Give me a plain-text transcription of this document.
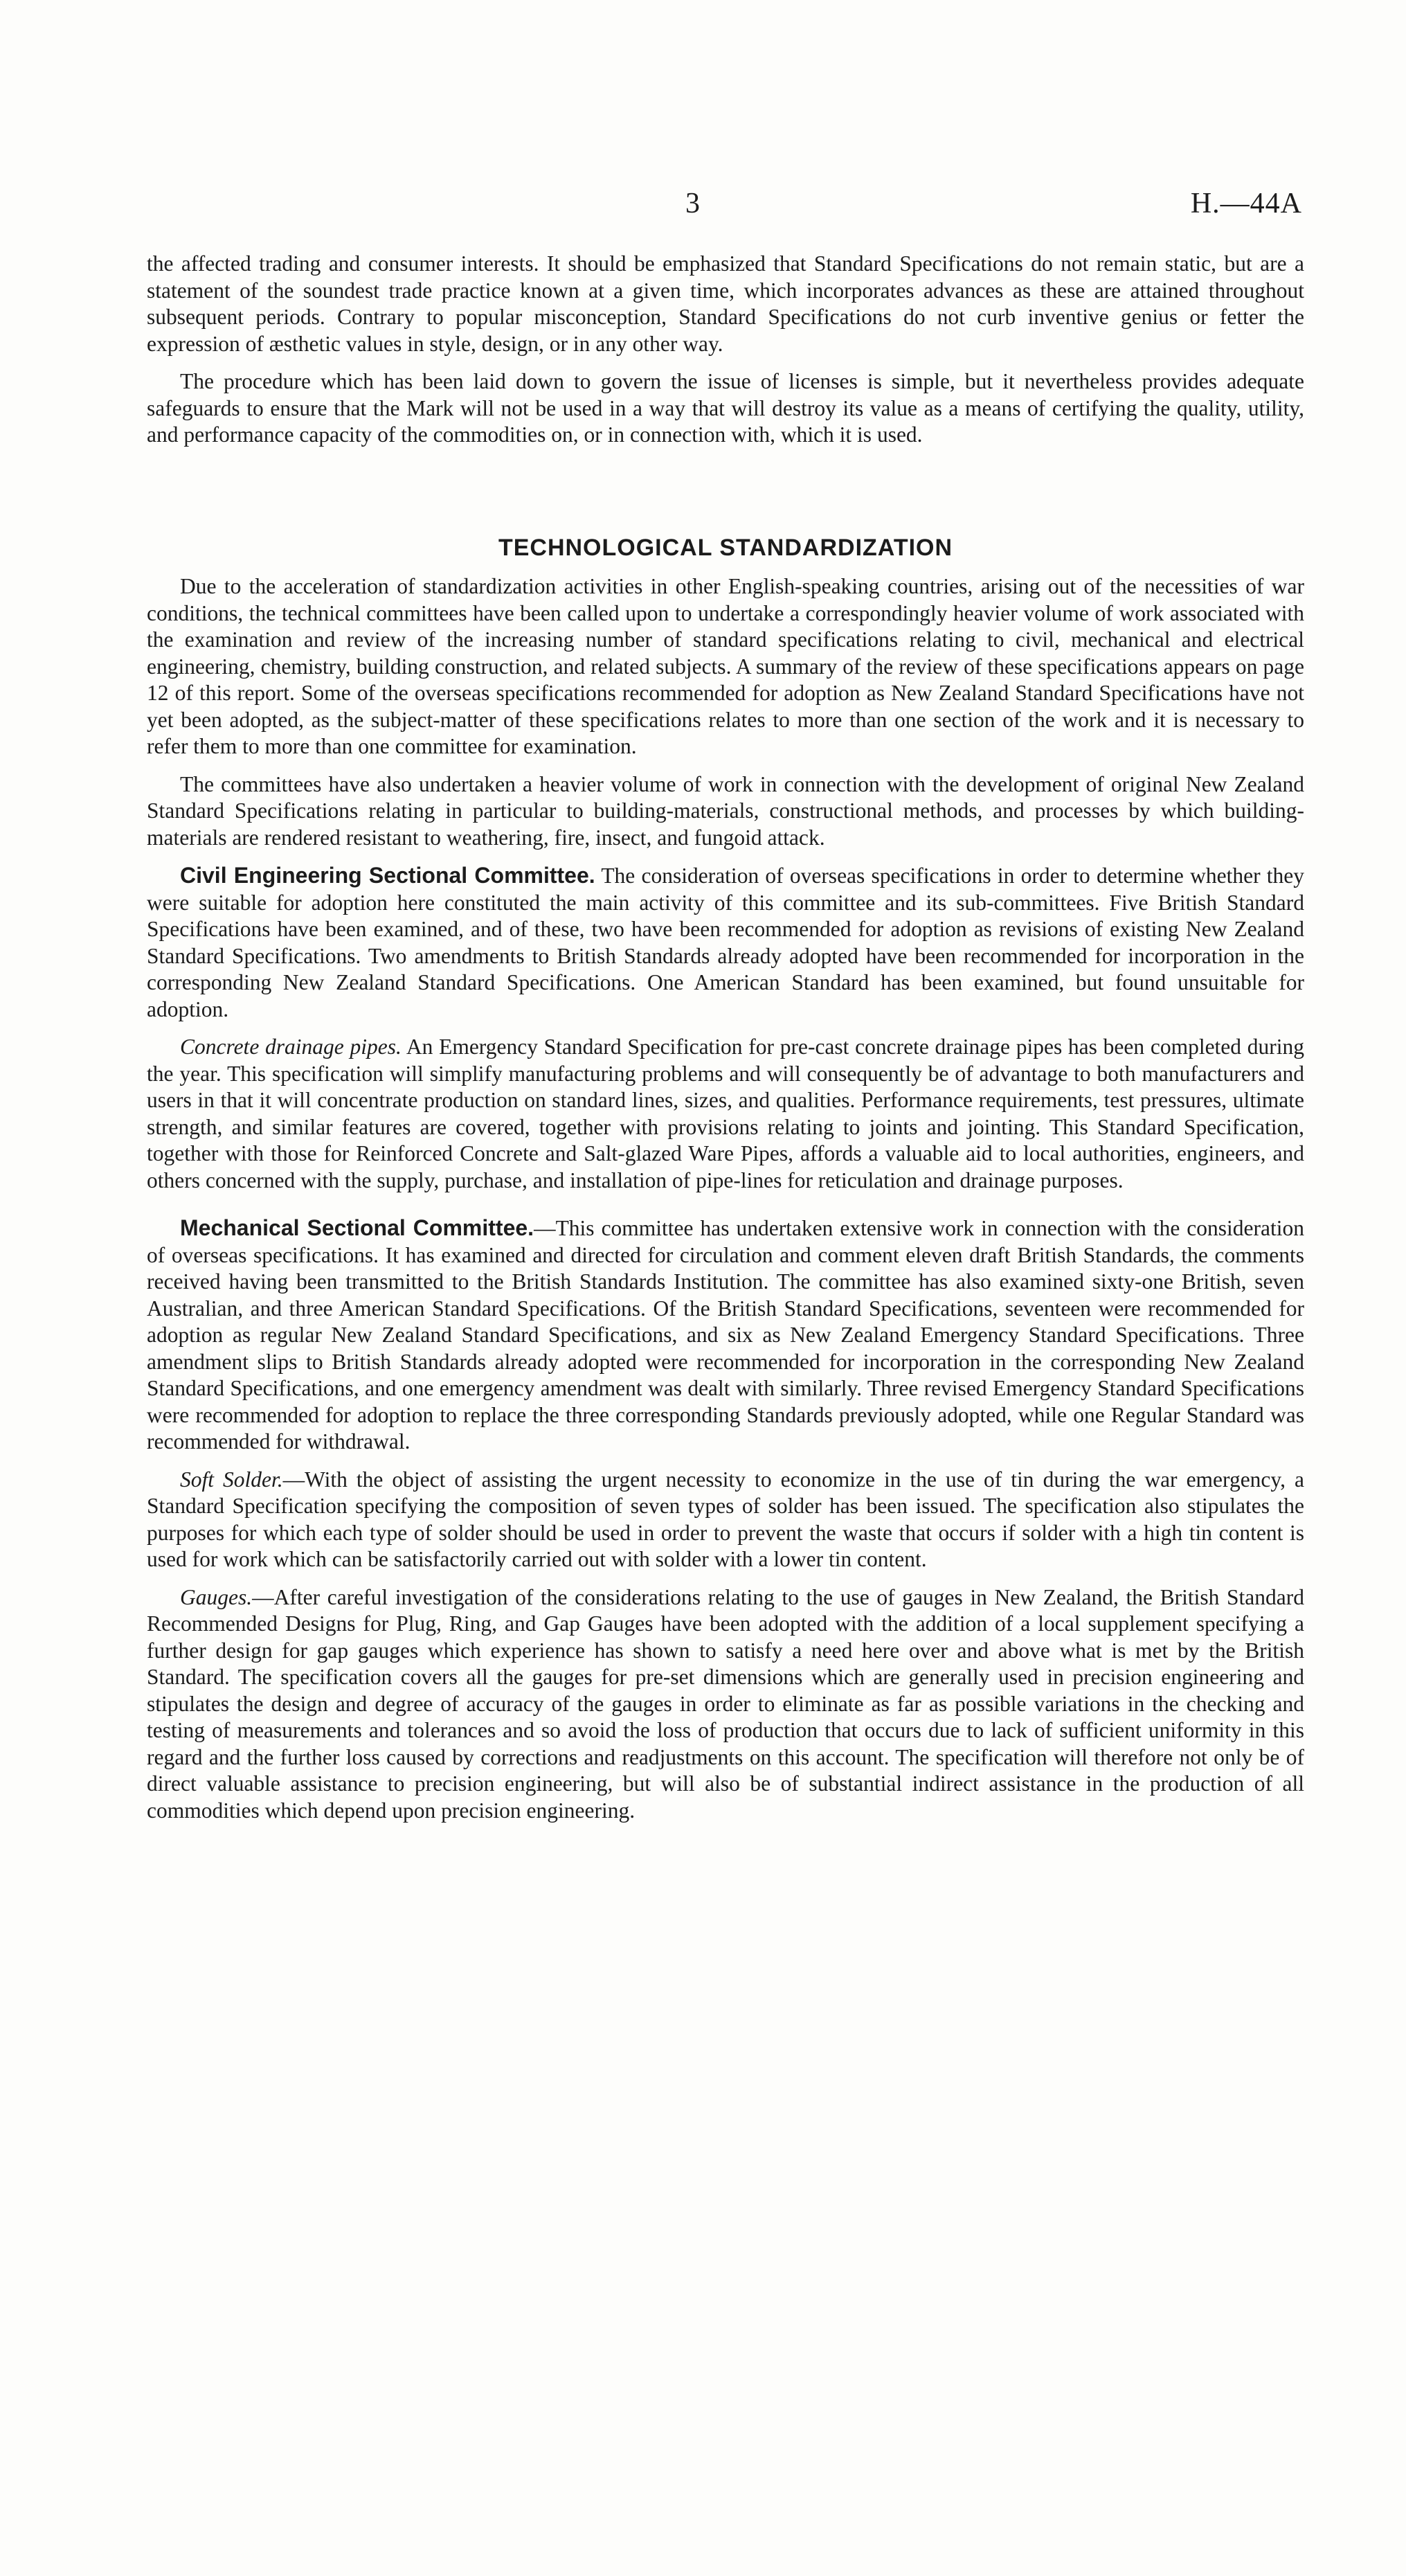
3	H.—44A

the affected trading and consumer interests. It should be emphasized that Standard Specifications do not remain static, but are a statement of the soundest trade practice known at a given time, which incorporates advances as these are attained throughout subsequent periods. Contrary to popular misconception, Standard Specifications do not curb inventive genius or fetter the expression of æsthetic values in style, design, or in any other way.

The procedure which has been laid down to govern the issue of licenses is simple, but it nevertheless provides adequate safeguards to ensure that the Mark will not be used in a way that will destroy its value as a means of certifying the quality, utility, and performance capacity of the commodities on, or in connection with, which it is used.

TECHNOLOGICAL STANDARDIZATION

Due to the acceleration of standardization activities in other English-speaking countries, arising out of the necessities of war conditions, the technical committees have been called upon to undertake a correspondingly heavier volume of work associated with the examination and review of the increasing number of standard specifications relating to civil, mechanical and electrical engineering, chemistry, building construction, and related subjects. A summary of the review of these specifications appears on page 12 of this report. Some of the overseas specifications recommended for adoption as New Zealand Standard Specifications have not yet been adopted, as the subject-matter of these specifications relates to more than one section of the work and it is necessary to refer them to more than one committee for examination.

The committees have also undertaken a heavier volume of work in connection with the development of original New Zealand Standard Specifications relating in particular to building-materials, constructional methods, and processes by which building-materials are rendered resistant to weathering, fire, insect, and fungoid attack.

Civil Engineering Sectional Committee. The consideration of overseas specifications in order to determine whether they were suitable for adoption here constituted the main activity of this committee and its sub-committees. Five British Standard Specifications have been examined, and of these, two have been recommended for adoption as revisions of existing New Zealand Standard Specifications. Two amendments to British Standards already adopted have been recommended for incorporation in the corresponding New Zealand Standard Specifications. One American Standard has been examined, but found unsuitable for adoption.

Concrete drainage pipes. An Emergency Standard Specification for pre-cast concrete drainage pipes has been completed during the year. This specification will simplify manufacturing problems and will consequently be of advantage to both manufacturers and users in that it will concentrate production on standard lines, sizes, and qualities. Performance requirements, test pressures, ultimate strength, and similar features are covered, together with provisions relating to joints and jointing. This Standard Specification, together with those for Reinforced Concrete and Salt-glazed Ware Pipes, affords a valuable aid to local authorities, engineers, and others concerned with the supply, purchase, and installation of pipe-lines for reticulation and drainage purposes.

Mechanical Sectional Committee.—This committee has undertaken extensive work in connection with the consideration of overseas specifications. It has examined and directed for circulation and comment eleven draft British Standards, the comments received having been transmitted to the British Standards Institution. The committee has also examined sixty-one British, seven Australian, and three American Standard Specifications. Of the British Standard Specifications, seventeen were recommended for adoption as regular New Zealand Standard Specifications, and six as New Zealand Emergency Standard Specifications. Three amendment slips to British Standards already adopted were recommended for incorporation in the corresponding New Zealand Standard Specifications, and one emergency amendment was dealt with similarly. Three revised Emergency Standard Specifications were recommended for adoption to replace the three corresponding Standards previously adopted, while one Regular Standard was recommended for withdrawal.

Soft Solder.—With the object of assisting the urgent necessity to economize in the use of tin during the war emergency, a Standard Specification specifying the composition of seven types of solder has been issued. The specification also stipulates the purposes for which each type of solder should be used in order to prevent the waste that occurs if solder with a high tin content is used for work which can be satisfactorily carried out with solder with a lower tin content.

Gauges.—After careful investigation of the considerations relating to the use of gauges in New Zealand, the British Standard Recommended Designs for Plug, Ring, and Gap Gauges have been adopted with the addition of a local supplement specifying a further design for gap gauges which experience has shown to satisfy a need here over and above what is met by the British Standard. The specification covers all the gauges for pre-set dimensions which are generally used in precision engineering and stipulates the design and degree of accuracy of the gauges in order to eliminate as far as possible variations in the checking and testing of measurements and tolerances and so avoid the loss of production that occurs due to lack of sufficient uniformity in this regard and the further loss caused by corrections and readjustments on this account. The specification will therefore not only be of direct valuable assistance to precision engineering, but will also be of substantial indirect assistance in the production of all commodities which depend upon precision engineering.
